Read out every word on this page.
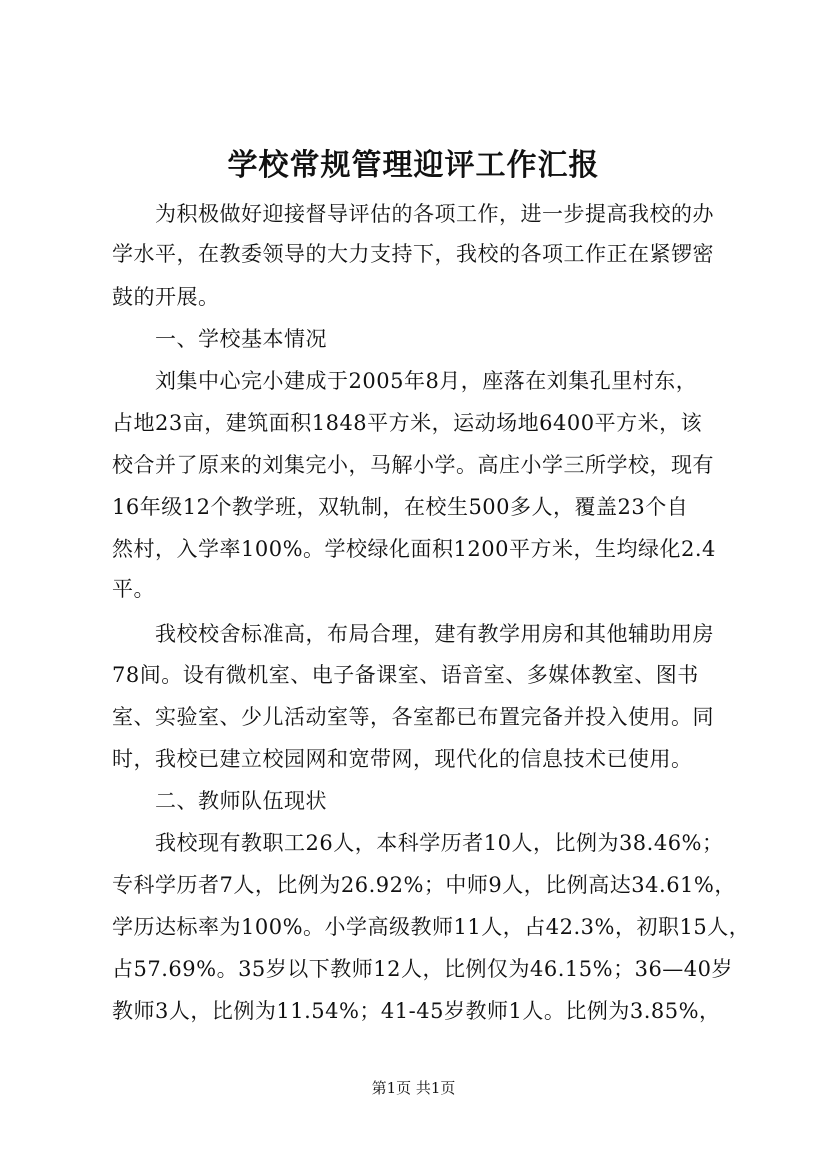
学校常规管理迎评工作汇报
为积极做好迎接督导评估的各项工作，进一步提高我校的办
学水平，在教委领导的大力支持下，我校的各项工作正在紧锣密
鼓的开展。
一、学校基本情况
刘集中心完小建成于2005年8月，座落在刘集孔里村东，
占地23亩，建筑面积1848平方米，运动场地6400平方米，该
校合并了原来的刘集完小，马解小学。高庄小学三所学校，现有
16年级12个教学班，双轨制，在校生500多人，覆盖23个自
然村，入学率100%。学校绿化面积1200平方米，生均绿化2.4
平。
我校校舍标准高，布局合理，建有教学用房和其他辅助用房
78间。设有微机室、电子备课室、语音室、多媒体教室、图书
室、实验室、少儿活动室等，各室都已布置完备并投入使用。同
时，我校已建立校园网和宽带网，现代化的信息技术已使用。
二、教师队伍现状
我校现有教职工26人，本科学历者10人，比例为38.46%；
专科学历者7人，比例为26.92%；中师9人，比例高达34.61%，
学历达标率为100%。小学高级教师11人，占42.3%，初职15人，
占57.69%。35岁以下教师12人，比例仅为46.15%；36—40岁
教师3人，比例为11.54%；41-45岁教师1人。比例为3.85%，
第1页 共1页
